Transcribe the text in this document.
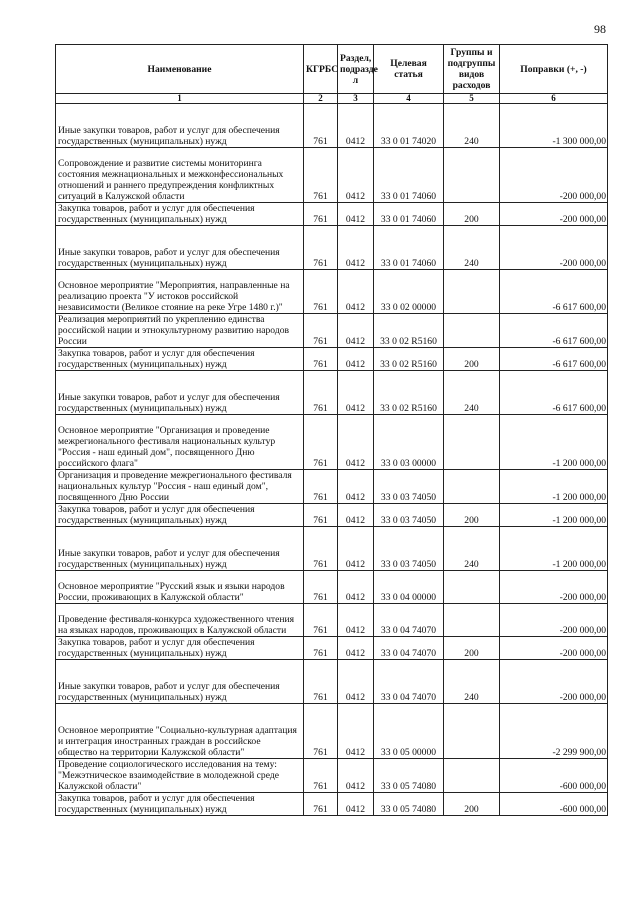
98
Наименование	КГРБС	Раздел, подразде л	Целевая статья	Группы и подгруппы видов расходов	Поправки (+, -)
1	2	3	4	5	6
Иные закупки товаров, работ и услуг для обеспечения государственных (муниципальных) нужд	761	0412	33 0 01 74020	240	-1 300 000,00
Сопровождение и развитие системы мониторинга состояния межнациональных и межконфессиональных отношений и раннего предупреждения конфликтных ситуаций в Калужской области	761	0412	33 0 01 74060		-200 000,00
Закупка товаров, работ и услуг для обеспечения государственных (муниципальных) нужд	761	0412	33 0 01 74060	200	-200 000,00
Иные закупки товаров, работ и услуг для обеспечения государственных (муниципальных) нужд	761	0412	33 0 01 74060	240	-200 000,00
Основное мероприятие "Мероприятия, направленные на реализацию проекта "У истоков российской независимости (Великое стояние на реке Угре 1480 г.)"	761	0412	33 0 02 00000		-6 617 600,00
Реализация мероприятий по укреплению единства российской нации и этнокультурному развитию народов России	761	0412	33 0 02 R5160		-6 617 600,00
Закупка товаров, работ и услуг для обеспечения государственных (муниципальных) нужд	761	0412	33 0 02 R5160	200	-6 617 600,00
Иные закупки товаров, работ и услуг для обеспечения государственных (муниципальных) нужд	761	0412	33 0 02 R5160	240	-6 617 600,00
Основное мероприятие "Организация и проведение межрегионального фестиваля национальных культур "Россия - наш единый дом", посвященного Дню российского флага"	761	0412	33 0 03 00000		-1 200 000,00
Организация и проведение межрегионального фестиваля национальных культур "Россия - наш единый дом", посвященного Дню России	761	0412	33 0 03 74050		-1 200 000,00
Закупка товаров, работ и услуг для обеспечения государственных (муниципальных) нужд	761	0412	33 0 03 74050	200	-1 200 000,00
Иные закупки товаров, работ и услуг для обеспечения государственных (муниципальных) нужд	761	0412	33 0 03 74050	240	-1 200 000,00
Основное мероприятие "Русский язык и языки народов России, проживающих в Калужской области"	761	0412	33 0 04 00000		-200 000,00
Проведение фестиваля-конкурса художественного чтения на языках народов, проживающих в Калужской области	761	0412	33 0 04 74070		-200 000,00
Закупка товаров, работ и услуг для обеспечения государственных (муниципальных) нужд	761	0412	33 0 04 74070	200	-200 000,00
Иные закупки товаров, работ и услуг для обеспечения государственных (муниципальных) нужд	761	0412	33 0 04 74070	240	-200 000,00
Основное мероприятие "Социально-культурная адаптация и интеграция иностранных граждан в российское общество на территории Калужской области"	761	0412	33 0 05 00000		-2 299 900,00
Проведение социологического исследования на тему: "Межэтническое взаимодействие в молодежной среде Калужской области"	761	0412	33 0 05 74080		-600 000,00
Закупка товаров, работ и услуг для обеспечения государственных (муниципальных) нужд	761	0412	33 0 05 74080	200	-600 000,00
